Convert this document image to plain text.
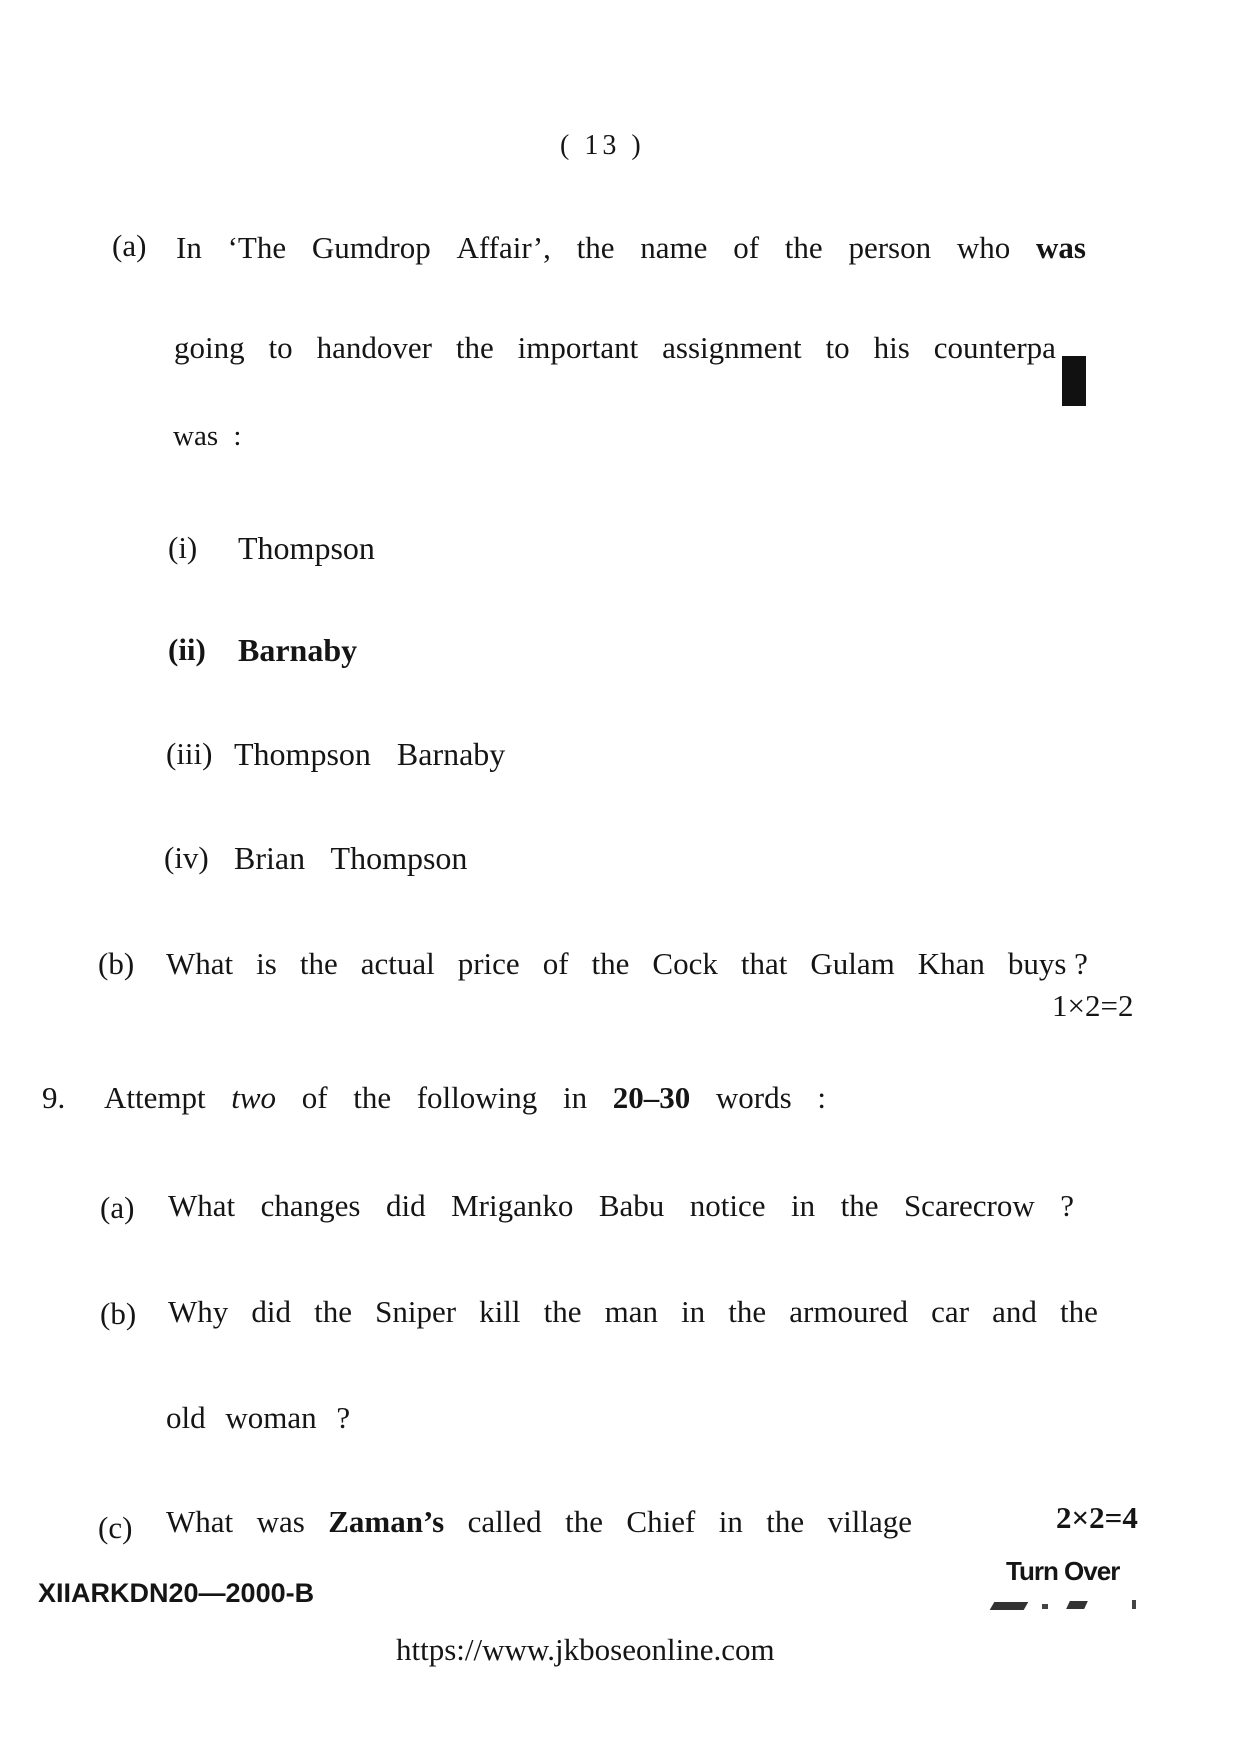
( 13 )
(a) In ‘The Gumdrop Affair’, the name of the person who was
going to handover the important assignment to his counterpa
was :
(i) Thompson
(ii) Barnaby
(iii) Thompson Barnaby
(iv) Brian Thompson
(b) What is the actual price of the Cock that Gulam Khan buys ?
1×2=2
9. Attempt two of the following in 20–30 words :
(a) What changes did Mriganko Babu notice in the Scarecrow ?
(b) Why did the Sniper kill the man in the armoured car and the
old woman ?
(c) What was Zaman’s called the Chief in the village	2×2=4
XIIARKDN20—2000-B
Turn Over
https://www.jkboseonline.com
